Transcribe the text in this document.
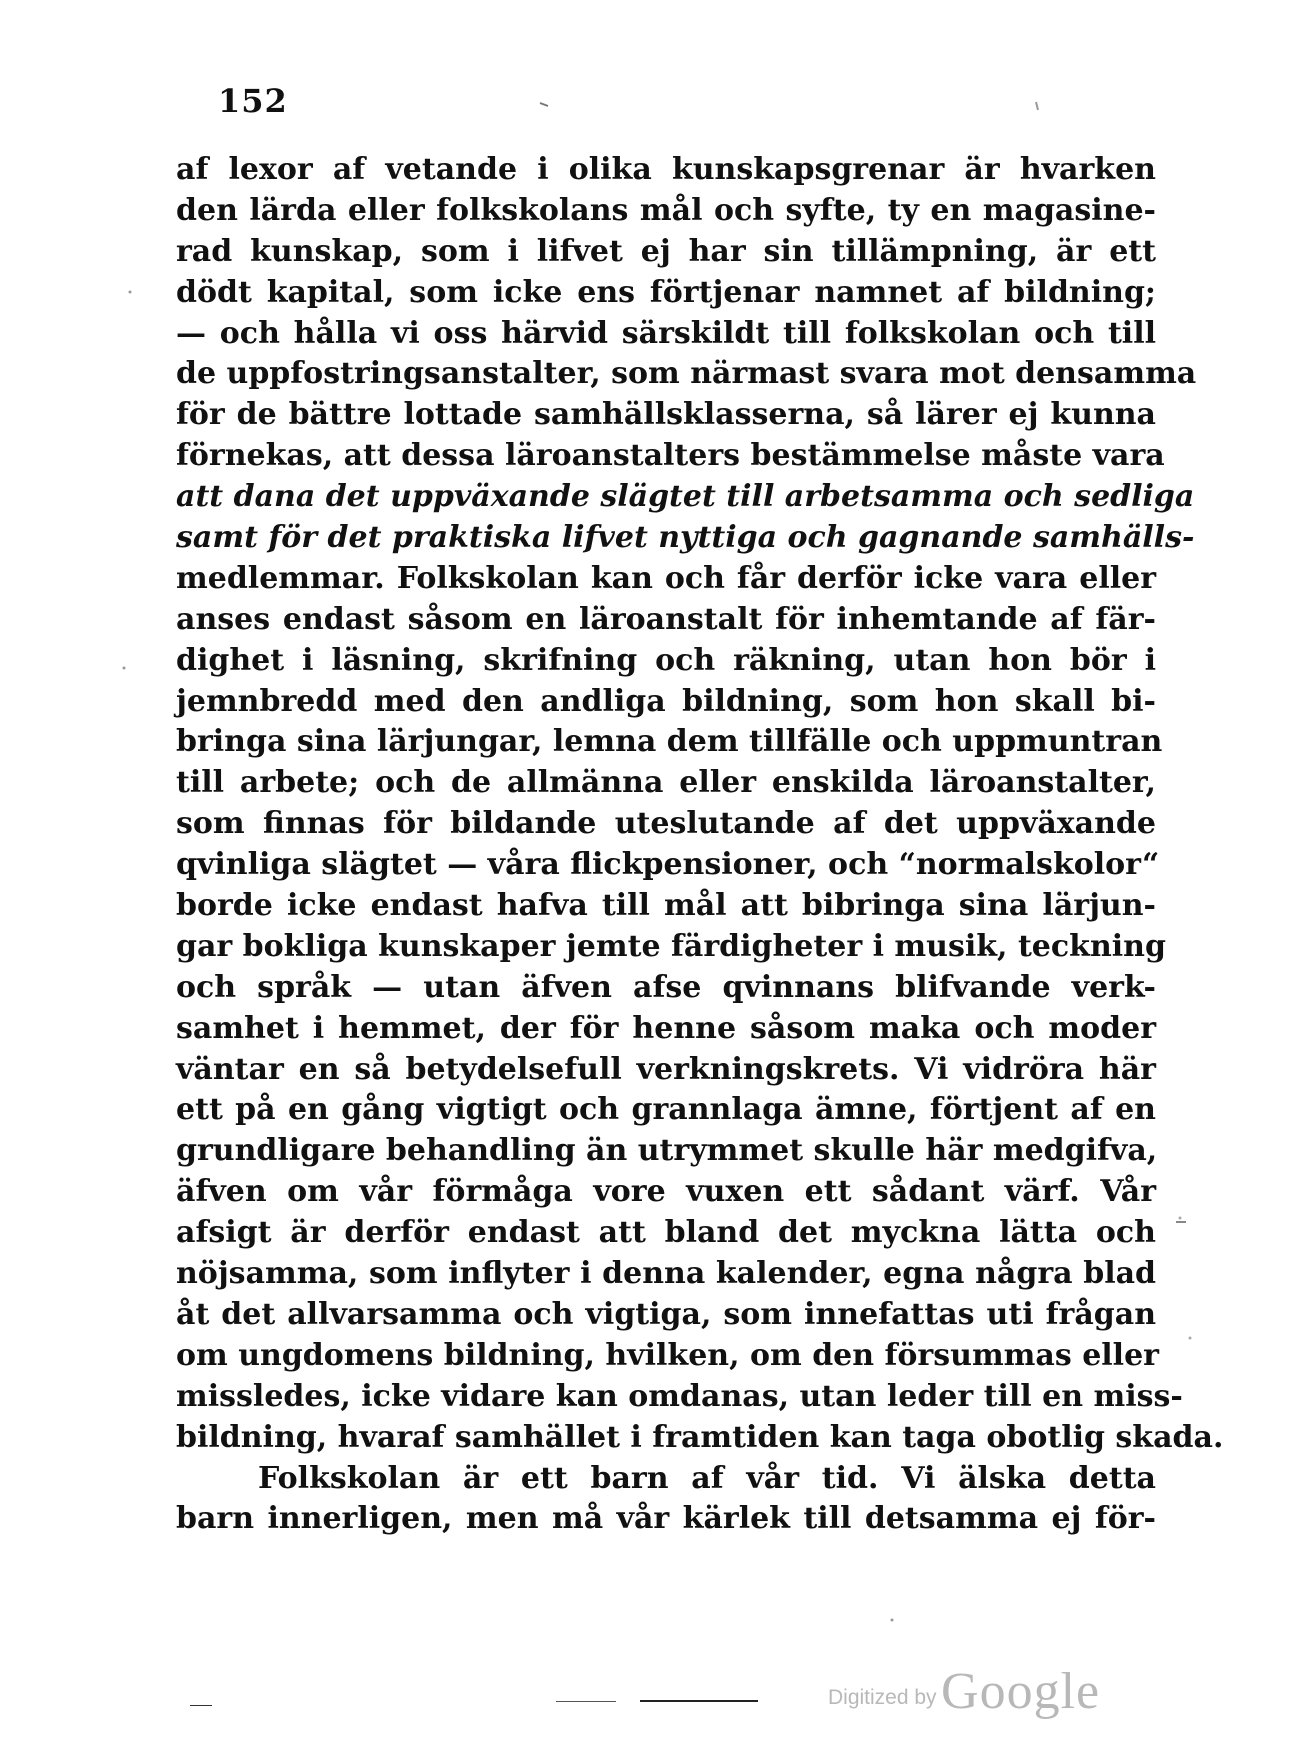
152
af lexor af vetande i olika kunskapsgrenar är hvarken
den lärda eller folkskolans mål och syfte, ty en magasine-
rad kunskap, som i lifvet ej har sin tillämpning, är ett
dödt kapital, som icke ens förtjenar namnet af bildning;
— och hålla vi oss härvid särskildt till folkskolan och till
de uppfostringsanstalter, som närmast svara mot densamma
för de bättre lottade samhällsklasserna, så lärer ej kunna
förnekas, att dessa läroanstalters bestämmelse måste vara
att dana det uppväxande slägtet till arbetsamma och sedliga
samt för det praktiska lifvet nyttiga och gagnande samhälls-
medlemmar. Folkskolan kan och får derför icke vara eller
anses endast såsom en läroanstalt för inhemtande af fär-
dighet i läsning, skrifning och räkning, utan hon bör i
jemnbredd med den andliga bildning, som hon skall bi-
bringa sina lärjungar, lemna dem tillfälle och uppmuntran
till arbete; och de allmänna eller enskilda läroanstalter,
som finnas för bildande uteslutande af det uppväxande
qvinliga slägtet — våra flickpensioner, och “normalskolor“
borde icke endast hafva till mål att bibringa sina lärjun-
gar bokliga kunskaper jemte färdigheter i musik, teckning
och språk — utan äfven afse qvinnans blifvande verk-
samhet i hemmet, der för henne såsom maka och moder
väntar en så betydelsefull verkningskrets. Vi vidröra här
ett på en gång vigtigt och grannlaga ämne, förtjent af en
grundligare behandling än utrymmet skulle här medgifva,
äfven om vår förmåga vore vuxen ett sådant värf. Vår
afsigt är derför endast att bland det myckna lätta och
nöjsamma, som inflyter i denna kalender, egna några blad
åt det allvarsamma och vigtiga, som innefattas uti frågan
om ungdomens bildning, hvilken, om den försummas eller
missledes, icke vidare kan omdanas, utan leder till en miss-
bildning, hvaraf samhället i framtiden kan taga obotlig skada.
Folkskolan är ett barn af vår tid. Vi älska detta
barn innerligen, men må vår kärlek till detsamma ej för-
Digitized by Google
